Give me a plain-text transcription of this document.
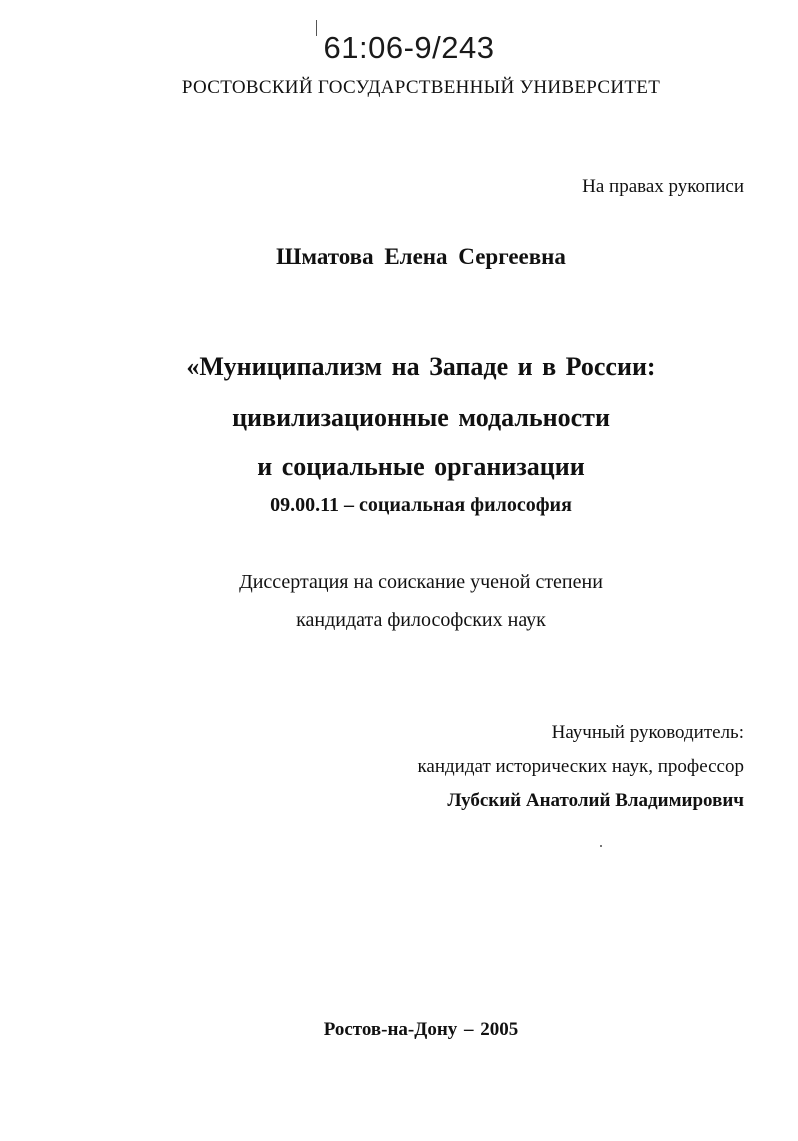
61:06-9/243
РОСТОВСКИЙ ГОСУДАРСТВЕННЫЙ УНИВЕРСИТЕТ
На правах рукописи
Шматова Елена Сергеевна
«Муниципализм на Западе и в России:
цивилизационные модальности
и социальные организации
09.00.11 – социальная философия
Диссертация на соискание ученой степени
кандидата философских наук
Научный руководитель:
кандидат исторических наук, профессор
Лубский Анатолий Владимирович
Ростов-на-Дону – 2005
